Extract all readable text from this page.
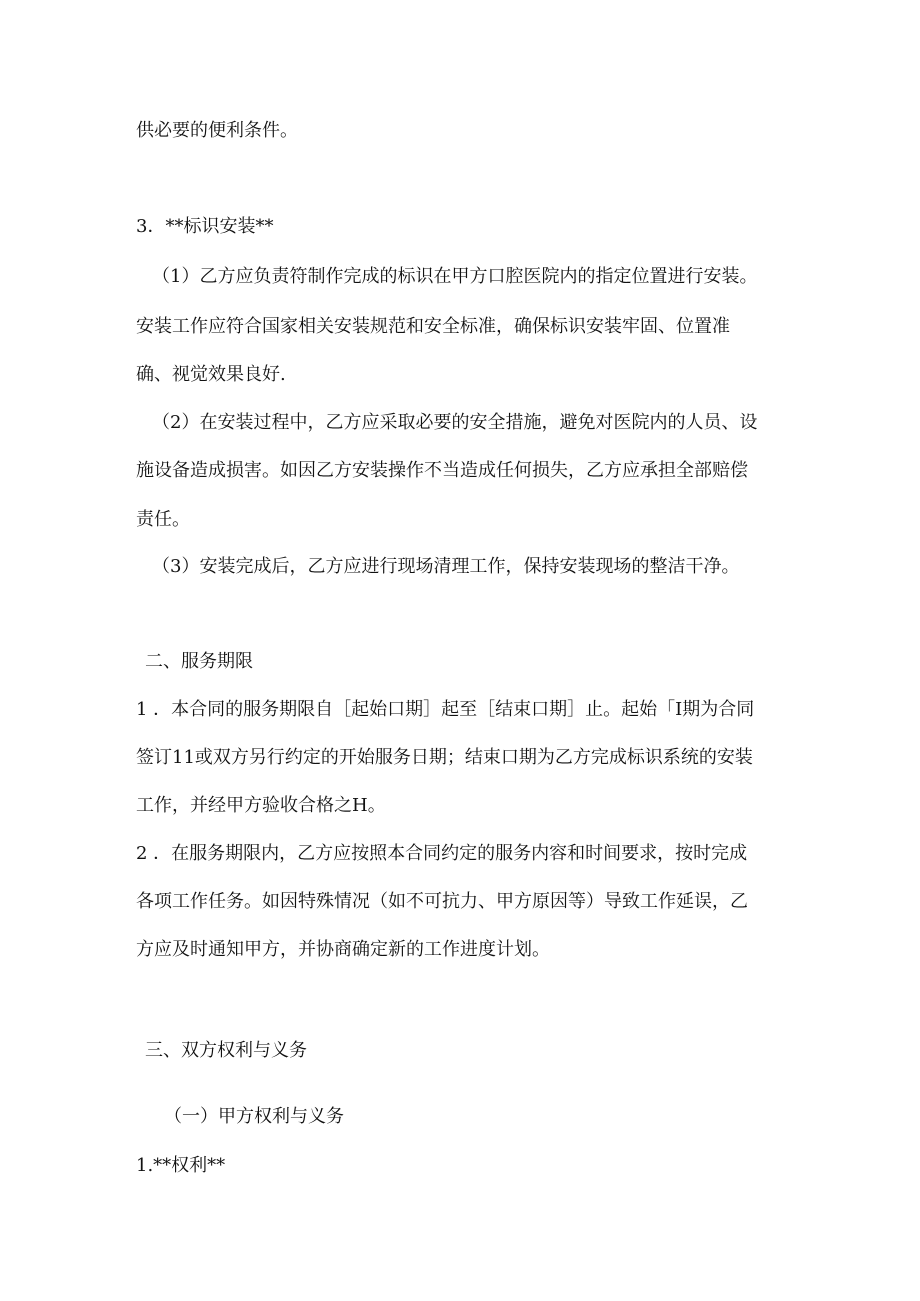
供必要的便利条件。
3．**标识安装**
（1）乙方应负责符制作完成的标识在甲方口腔医院内的指定位置进行安装。
安装工作应符合国家相关安装规范和安全标准，确保标识安装牢固、位置准
确、视觉效果良好.
（2）在安装过程中，乙方应采取必要的安全措施，避免对医院内的人员、设
施设备造成损害。如因乙方安装操作不当造成任何损失，乙方应承担全部赔偿
责任。
（3）安装完成后，乙方应进行现场清理工作，保持安装现场的整洁干净。
二、服务期限
1 ．本合同的服务期限自［起始口期］起至［结束口期］止。起始「I期为合同
签订11或双方另行约定的开始服务日期；结束口期为乙方完成标识系统的安装
工作，并经甲方验收合格之H。
2 ．在服务期限内，乙方应按照本合同约定的服务内容和时间要求，按时完成
各项工作任务。如因特殊情况（如不可抗力、甲方原因等）导致工作延误，乙
方应及时通知甲方，并协商确定新的工作进度计划。
三、双方权利与义务
（一）甲方权利与义务
1.**权利**
